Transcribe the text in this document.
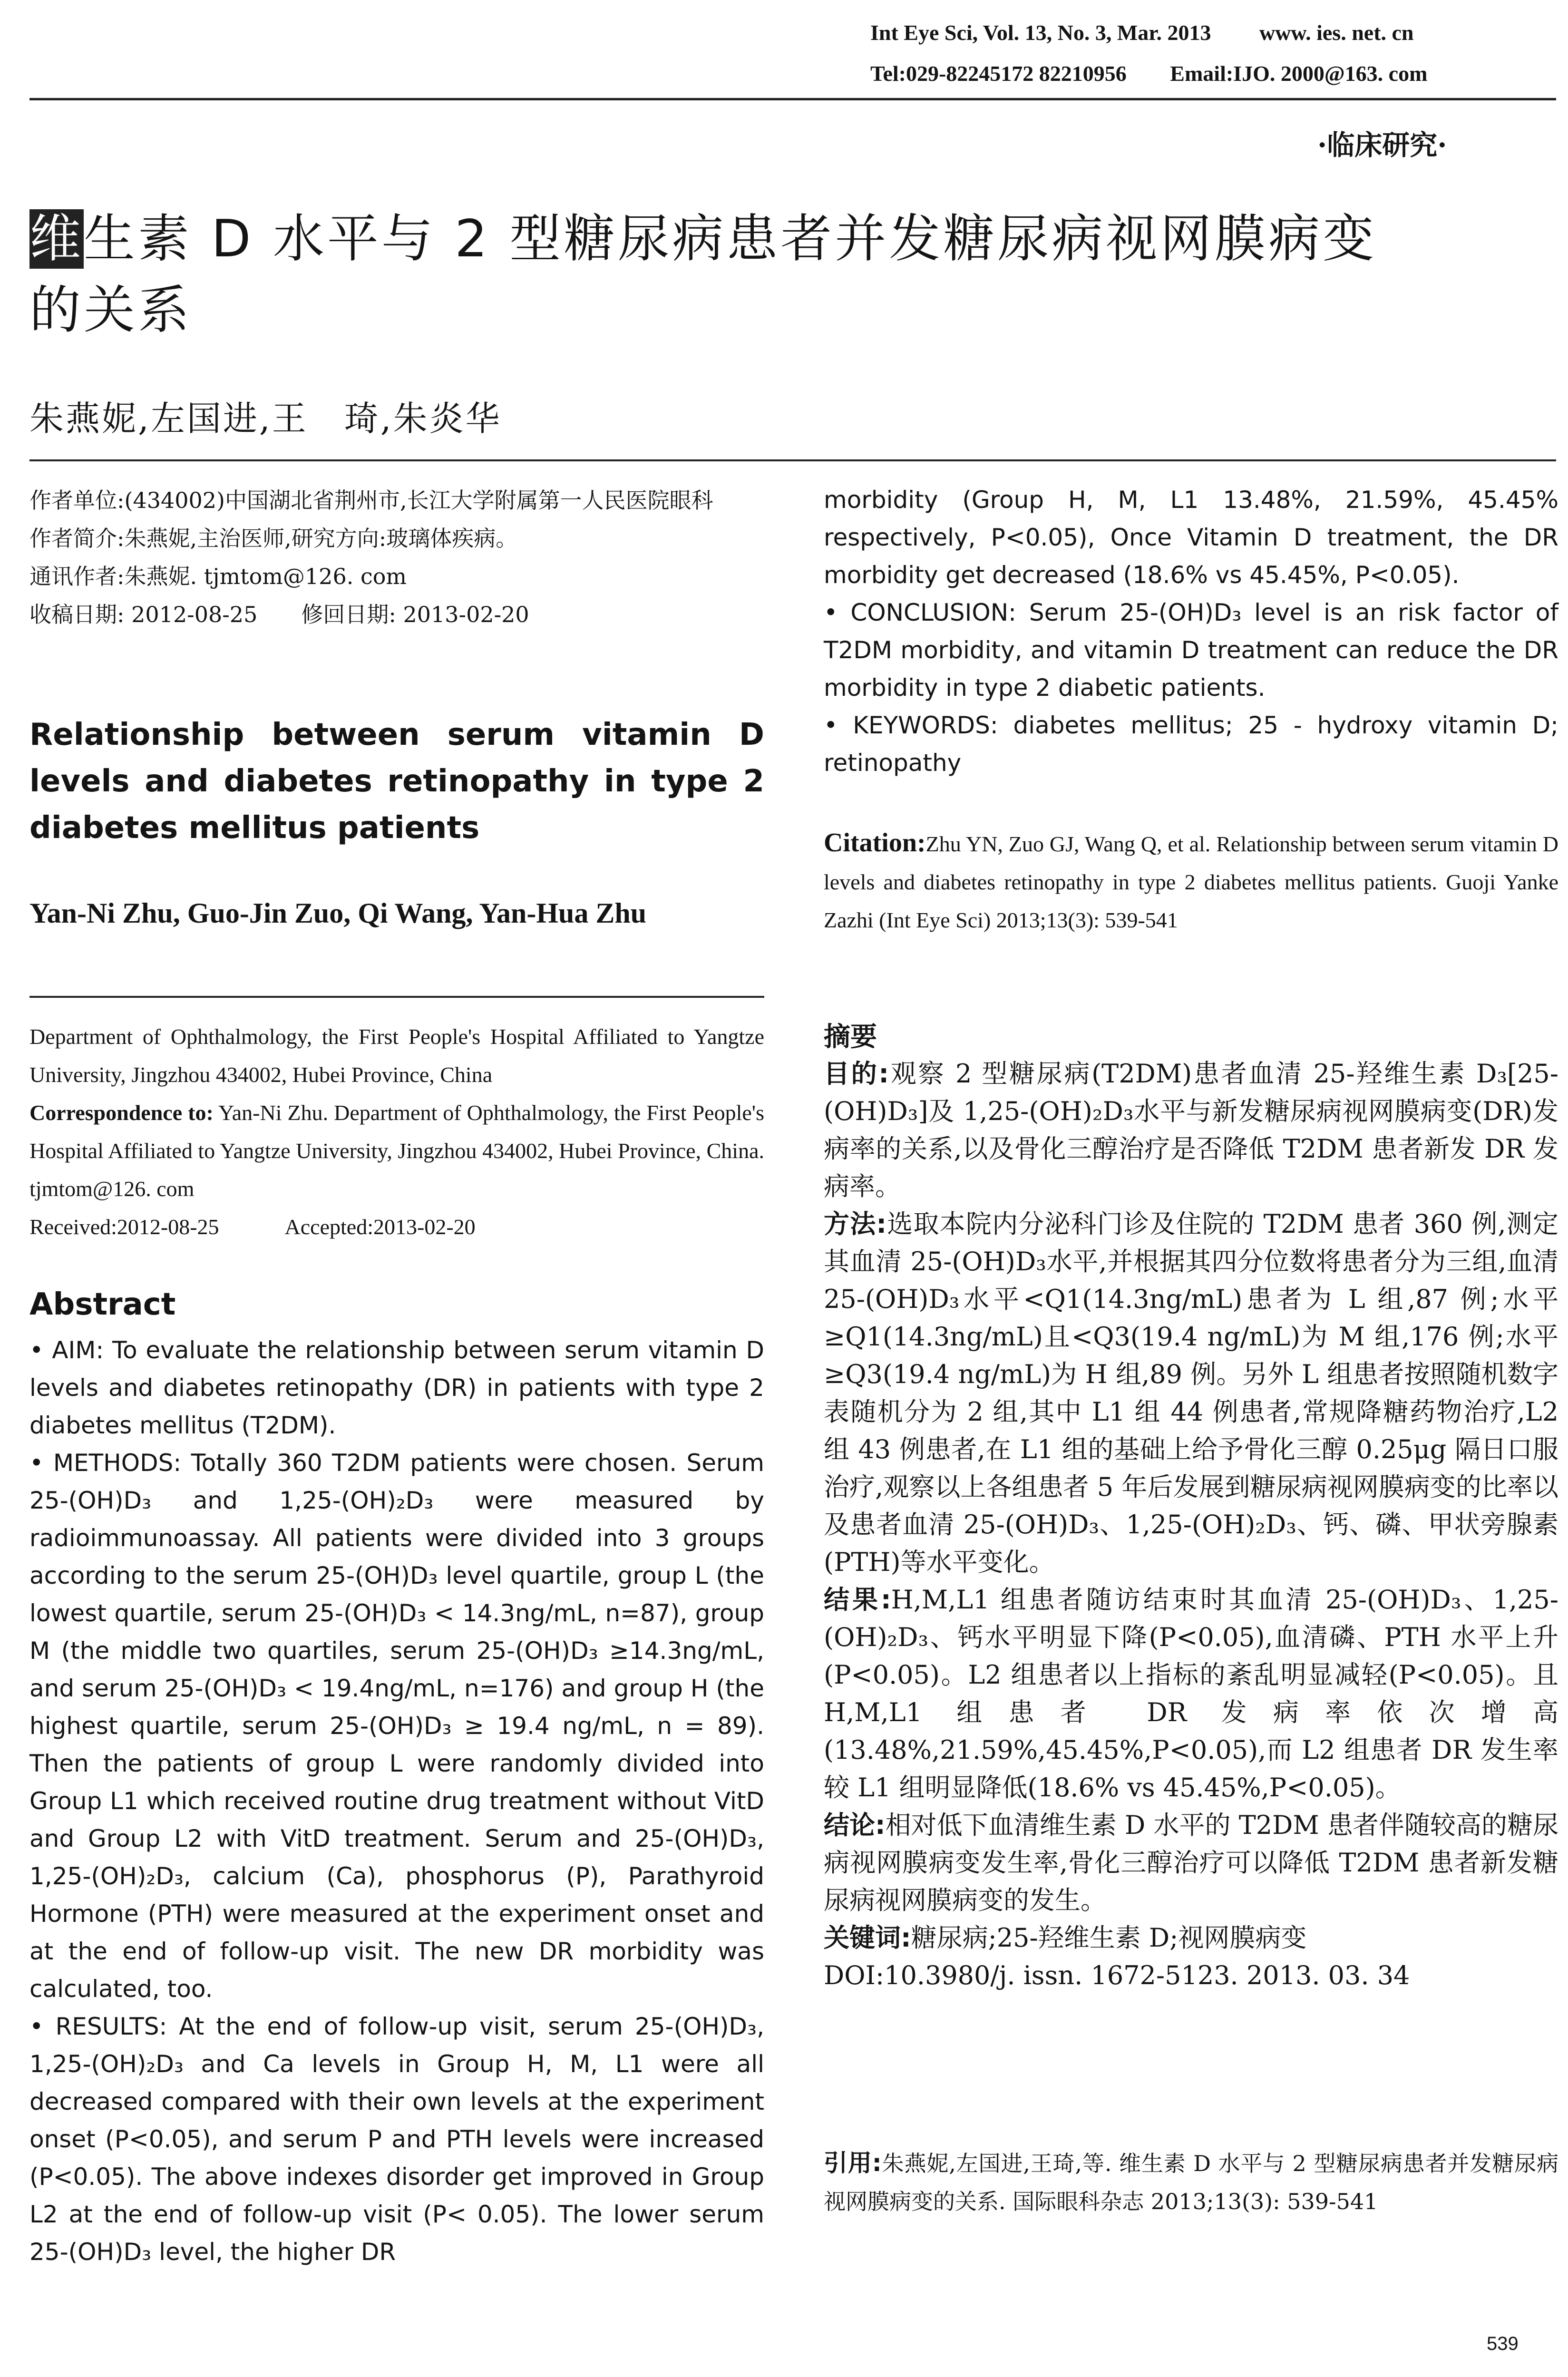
Int Eye Sci, Vol. 13, No. 3, Mar. 2013 www. ies. net. cn
Tel:029-82245172 82210956 Email:IJO. 2000@163. com
·临床研究·
维生素 D 水平与 2 型糖尿病患者并发糖尿病视网膜病变
的关系
朱燕妮,左国进,王　琦,朱炎华
作者单位:(434002)中国湖北省荆州市,长江大学附属第一人民医院眼科
作者简介:朱燕妮,主治医师,研究方向:玻璃体疾病。
通讯作者:朱燕妮. tjmtom@126. com
收稿日期: 2012-08-25　　修回日期: 2013-02-20
Relationship between serum vitamin D levels and diabetes retinopathy in type 2 diabetes mellitus patients
Yan-Ni Zhu, Guo-Jin Zuo, Qi Wang, Yan-Hua Zhu
Department of Ophthalmology, the First People's Hospital Affiliated to Yangtze University, Jingzhou 434002, Hubei Province, China
Correspondence to: Yan-Ni Zhu. Department of Ophthalmology, the First People's Hospital Affiliated to Yangtze University, Jingzhou 434002, Hubei Province, China. tjmtom@126. com
Received:2012-08-25　　　Accepted:2013-02-20
Abstract

• AIM: To evaluate the relationship between serum vitamin D levels and diabetes retinopathy (DR) in patients with type 2 diabetes mellitus (T2DM).

• METHODS: Totally 360 T2DM patients were chosen. Serum 25-(OH)D₃ and 1,25-(OH)₂D₃ were measured by radioimmunoassay. All patients were divided into 3 groups according to the serum 25-(OH)D₃ level quartile, group L (the lowest quartile, serum 25-(OH)D₃ < 14.3ng/mL, n=87), group M (the middle two quartiles, serum 25-(OH)D₃ ≥14.3ng/mL, and serum 25-(OH)D₃ < 19.4ng/mL, n=176) and group H (the highest quartile, serum 25-(OH)D₃ ≥ 19.4 ng/mL, n = 89). Then the patients of group L were randomly divided into Group L1 which received routine drug treatment without VitD and Group L2 with VitD treatment. Serum and 25-(OH)D₃, 1,25-(OH)₂D₃, calcium (Ca), phosphorus (P), Parathyroid Hormone (PTH) were measured at the experiment onset and at the end of follow-up visit. The new DR morbidity was calculated, too.

• RESULTS: At the end of follow-up visit, serum 25-(OH)D₃, 1,25-(OH)₂D₃ and Ca levels in Group H, M, L1 were all decreased compared with their own levels at the experiment onset (P<0.05), and serum P and PTH levels were increased (P<0.05). The above indexes disorder get improved in Group L2 at the end of follow-up visit (P< 0.05). The lower serum 25-(OH)D₃ level, the higher DR

morbidity (Group H, M, L1 13.48%, 21.59%, 45.45% respectively, P<0.05), Once Vitamin D treatment, the DR morbidity get decreased (18.6% vs 45.45%, P<0.05).

• CONCLUSION: Serum 25-(OH)D₃ level is an risk factor of T2DM morbidity, and vitamin D treatment can reduce the DR morbidity in type 2 diabetic patients.

• KEYWORDS: diabetes mellitus; 25 - hydroxy vitamin D; retinopathy

Citation:Zhu YN, Zuo GJ, Wang Q, et al. Relationship between serum vitamin D levels and diabetes retinopathy in type 2 diabetes mellitus patients. Guoji Yanke Zazhi (Int Eye Sci) 2013;13(3): 539-541
摘要

目的:观察 2 型糖尿病(T2DM)患者血清 25-羟维生素 D₃[25-(OH)D₃]及 1,25-(OH)₂D₃水平与新发糖尿病视网膜病变(DR)发病率的关系,以及骨化三醇治疗是否降低 T2DM 患者新发 DR 发病率。

方法:选取本院内分泌科门诊及住院的 T2DM 患者 360 例,测定其血清 25-(OH)D₃水平,并根据其四分位数将患者分为三组,血清 25-(OH)D₃水平<Q1(14.3ng/mL)患者为 L 组,87 例;水平≥Q1(14.3ng/mL)且<Q3(19.4 ng/mL)为 M 组,176 例;水平≥Q3(19.4 ng/mL)为 H 组,89 例。另外 L 组患者按照随机数字表随机分为 2 组,其中 L1 组 44 例患者,常规降糖药物治疗,L2 组 43 例患者,在 L1 组的基础上给予骨化三醇 0.25μg 隔日口服治疗,观察以上各组患者 5 年后发展到糖尿病视网膜病变的比率以及患者血清 25-(OH)D₃、1,25-(OH)₂D₃、钙、磷、甲状旁腺素(PTH)等水平变化。

结果:H,M,L1 组患者随访结束时其血清 25-(OH)D₃、1,25-(OH)₂D₃、钙水平明显下降(P<0.05),血清磷、PTH 水平上升(P<0.05)。L2 组患者以上指标的紊乱明显减轻(P<0.05)。且 H,M,L1 组患者 DR 发病率依次增高(13.48%,21.59%,45.45%,P<0.05),而 L2 组患者 DR 发生率较 L1 组明显降低(18.6% vs 45.45%,P<0.05)。

结论:相对低下血清维生素 D 水平的 T2DM 患者伴随较高的糖尿病视网膜病变发生率,骨化三醇治疗可以降低 T2DM 患者新发糖尿病视网膜病变的发生。

关键词:糖尿病;25-羟维生素 D;视网膜病变

DOI:10.3980/j. issn. 1672-5123. 2013. 03. 34

引用:朱燕妮,左国进,王琦,等. 维生素 D 水平与 2 型糖尿病患者并发糖尿病视网膜病变的关系. 国际眼科杂志 2013;13(3): 539-541
539
